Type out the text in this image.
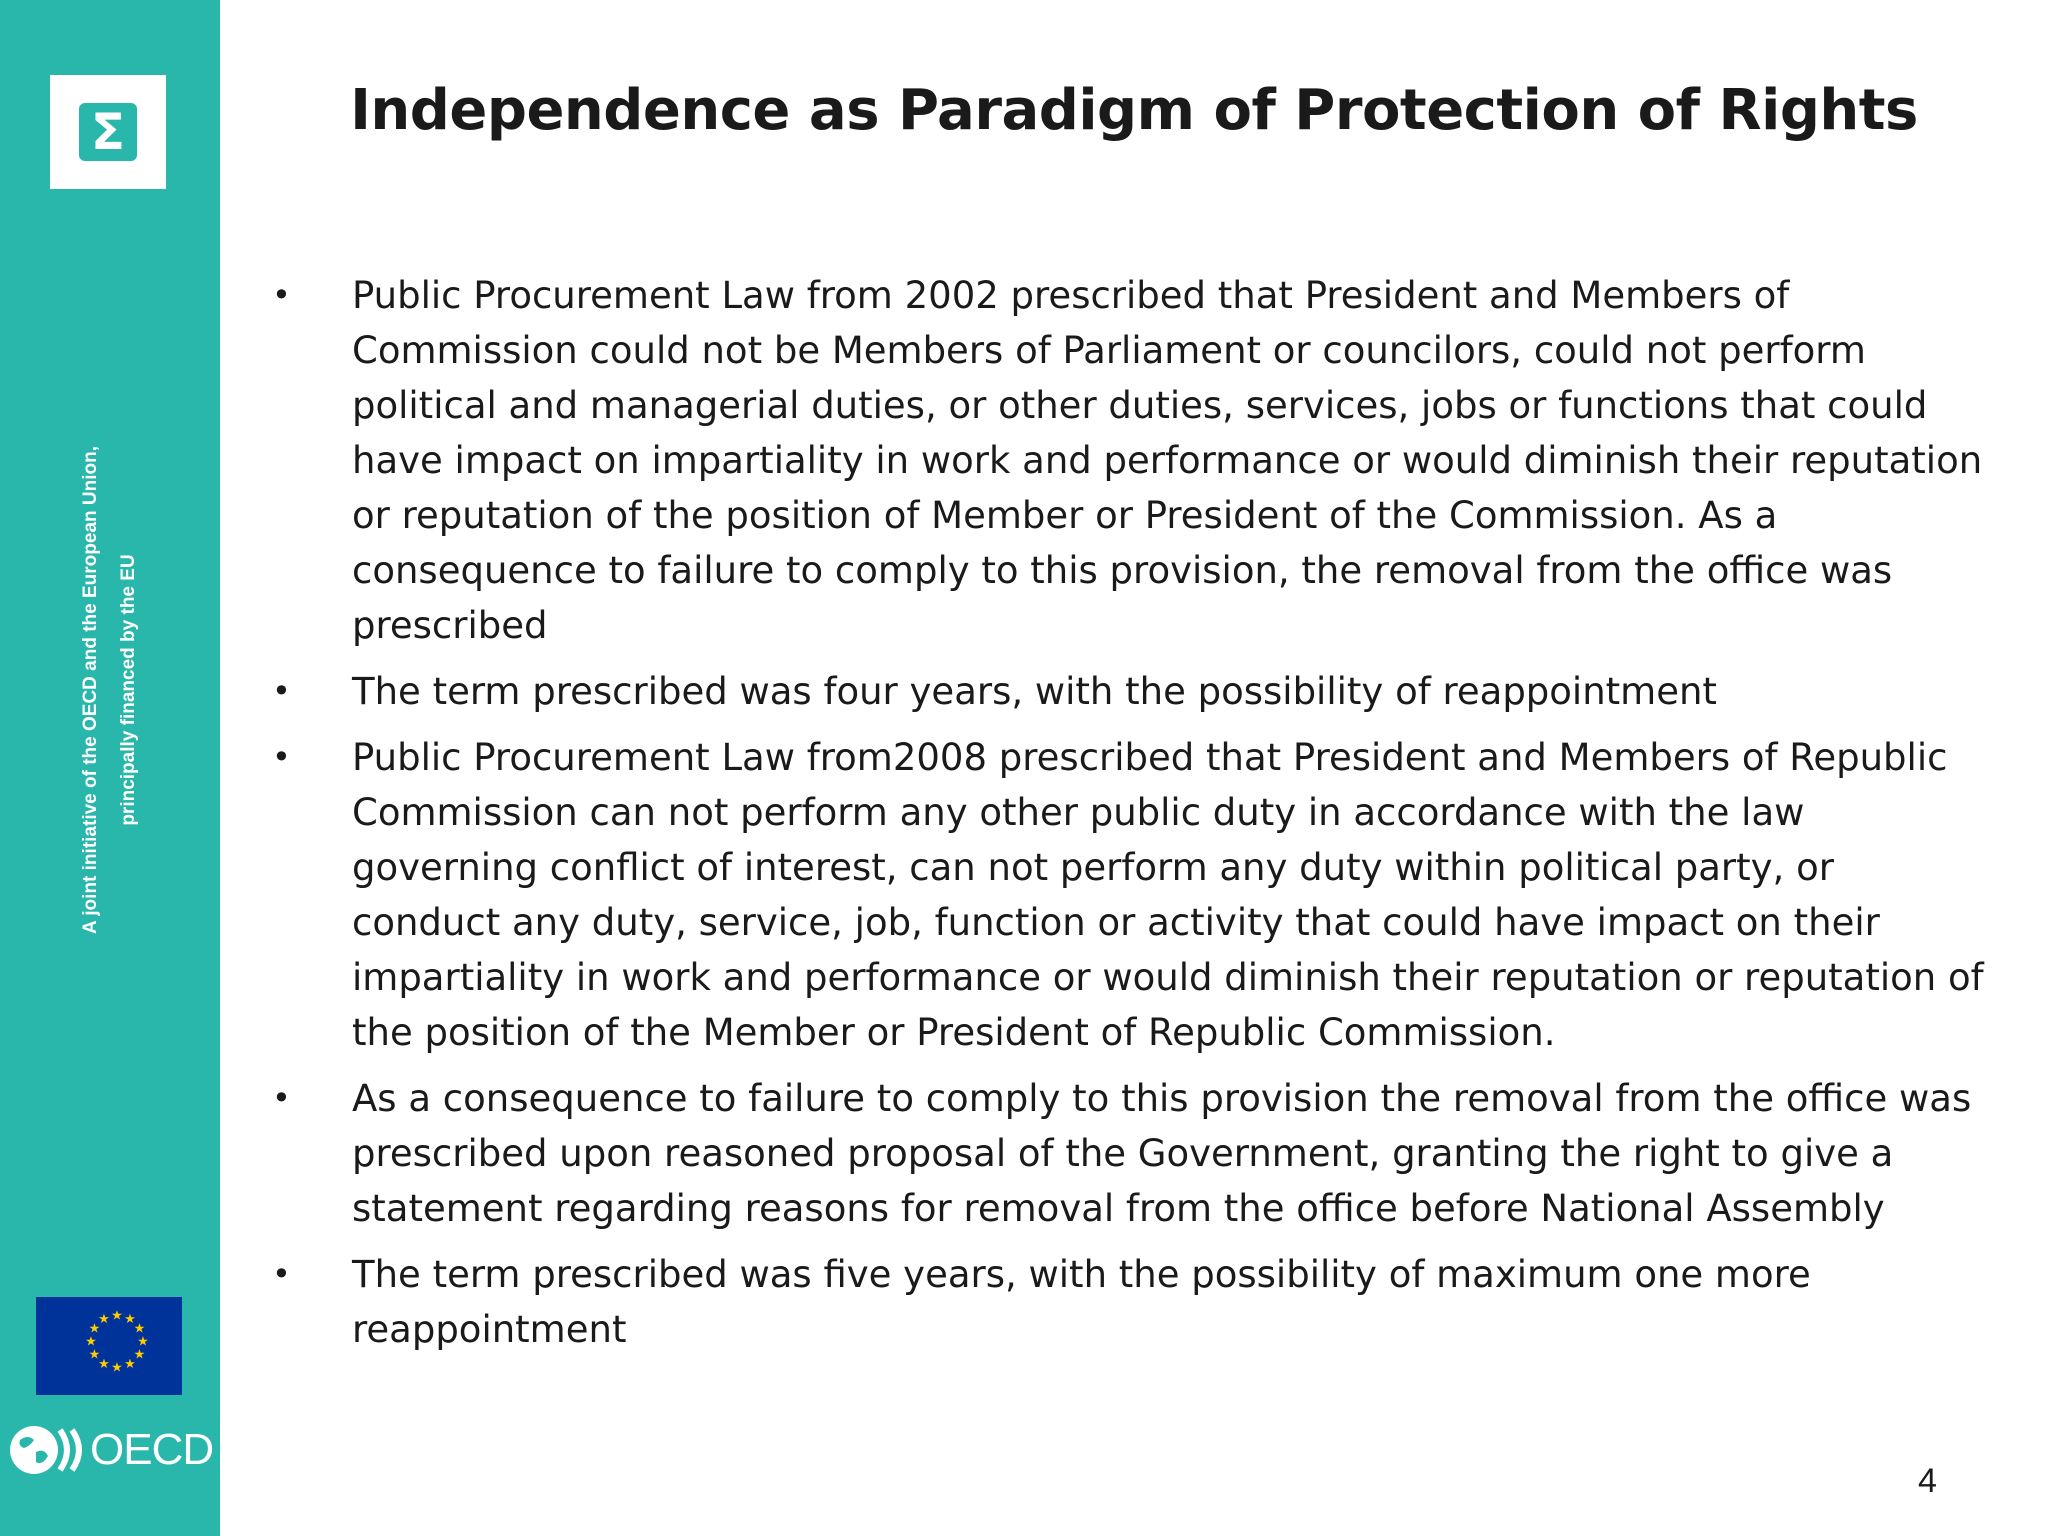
Σ
A joint initiative of the OECD and the European Union, principally financed by the EU
★ ★
★
★
★
★
★
★
★
★
★
★
OECD
Independence as Paradigm of Protection of Rights
• Public Procurement Law from 2002 prescribed that President and Members of Commission could not be Members of Parliament or councilors, could not perform political and managerial duties, or other duties, services, jobs or functions that could have impact on impartiality in work and performance or would diminish their reputation or reputation of the position of Member or President of the Commission. As a consequence to failure to comply to this provision, the removal from the office was prescribed
• The term prescribed was four years, with the possibility of reappointment
• Public Procurement Law from2008 prescribed that President and Members of Republic Commission can not perform any other public duty in accordance with the law governing conflict of interest, can not perform any duty within political party, or conduct any duty, service, job, function or activity that could have impact on their impartiality in work and performance or would diminish their reputation or reputation of the position of the Member or President of Republic Commission.
• As a consequence to failure to comply to this provision the removal from the office was prescribed upon reasoned proposal of the Government, granting the right to give a statement regarding reasons for removal from the office before National Assembly
• The term prescribed was five years, with the possibility of maximum one more reappointment
4
